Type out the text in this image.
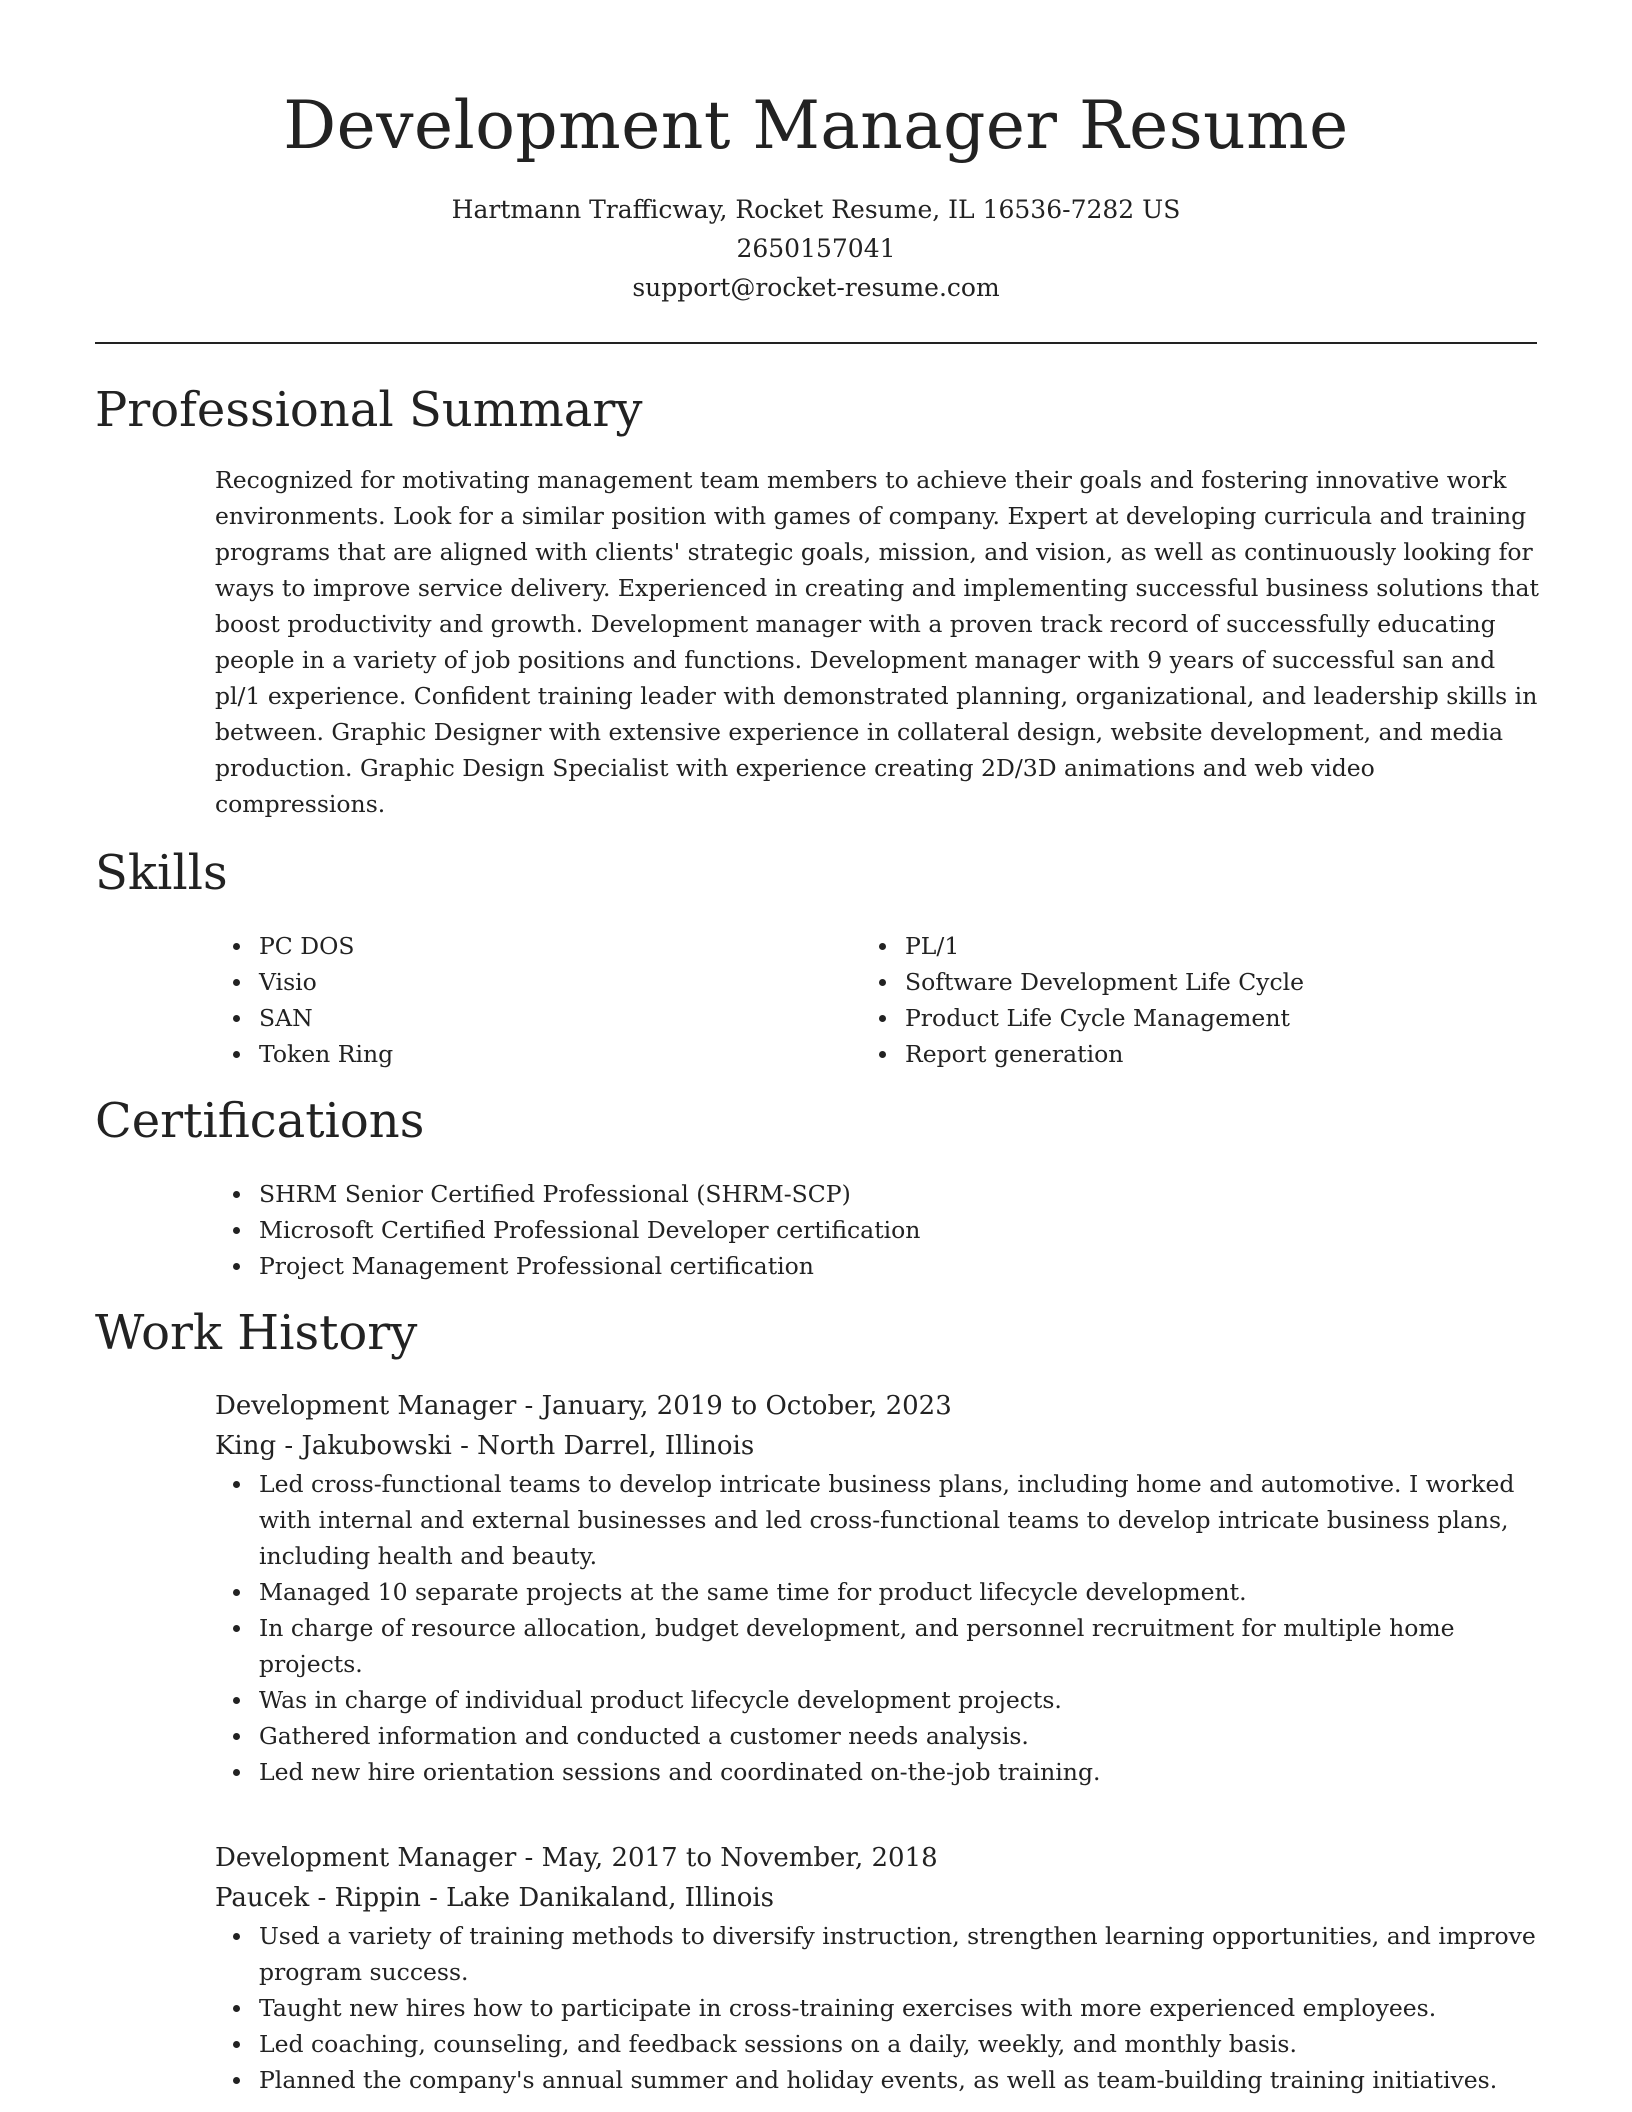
Development Manager Resume
Hartmann Trafficway, Rocket Resume, IL 16536-7282 US
2650157041
support@rocket-resume.com
Professional Summary

Recognized for motivating management team members to achieve their goals and fostering innovative work environments. Look for a similar position with games of company. Expert at developing curricula and training programs that are aligned with clients' strategic goals, mission, and vision, as well as continuously looking for ways to improve service delivery. Experienced in creating and implementing successful business solutions that boost productivity and growth. Development manager with a proven track record of successfully educating people in a variety of job positions and functions. Development manager with 9 years of successful san and pl/1 experience. Confident training leader with demonstrated planning, organizational, and leadership skills in between. Graphic Designer with extensive experience in collateral design, website development, and media production. Graphic Design Specialist with experience creating 2D/3D animations and web video compressions.

Skills
PC DOS
Visio
SAN
Token Ring
PL/1
Software Development Life Cycle
Product Life Cycle Management
Report generation
Certifications
SHRM Senior Certified Professional (SHRM-SCP)
Microsoft Certified Professional Developer certification
Project Management Professional certification
Work History
Development Manager - January, 2019 to October, 2023
King - Jakubowski - North Darrel, Illinois
Led cross-functional teams to develop intricate business plans, including home and automotive. I worked with internal and external businesses and led cross-functional teams to develop intricate business plans, including health and beauty.
Managed 10 separate projects at the same time for product lifecycle development.
In charge of resource allocation, budget development, and personnel recruitment for multiple home projects.
Was in charge of individual product lifecycle development projects.
Gathered information and conducted a customer needs analysis.
Led new hire orientation sessions and coordinated on-the-job training.
Development Manager - May, 2017 to November, 2018
Paucek - Rippin - Lake Danikaland, Illinois
Used a variety of training methods to diversify instruction, strengthen learning opportunities, and improve program success.
Taught new hires how to participate in cross-training exercises with more experienced employees.
Led coaching, counseling, and feedback sessions on a daily, weekly, and monthly basis.
Planned the company's annual summer and holiday events, as well as team-building training initiatives.
